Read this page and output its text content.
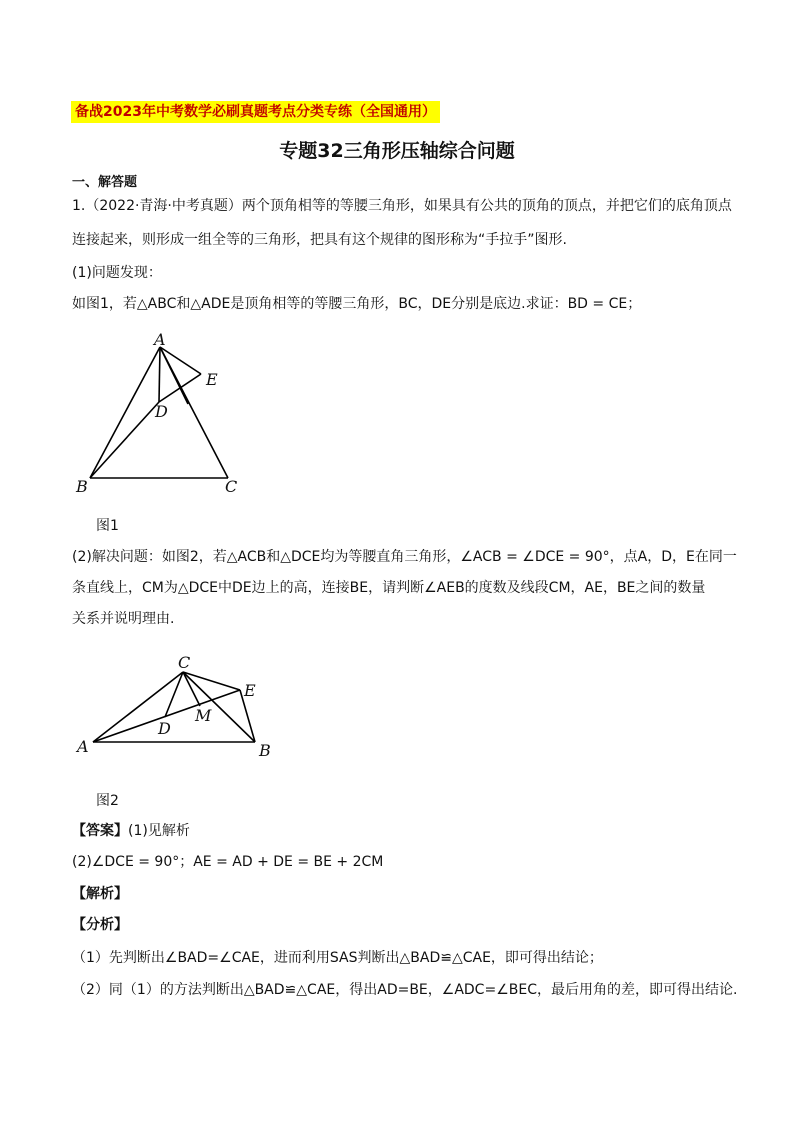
备战2023年中考数学必刷真题考点分类专练（全国通用）
专题32三角形压轴综合问题
一、解答题
1.（2022·青海·中考真题）两个顶角相等的等腰三角形，如果具有公共的顶角的顶点，并把它们的底角顶点
连接起来，则形成一组全等的三角形，把具有这个规律的图形称为“手拉手”图形.
(1)问题发现：
如图1，若△ABC和△ADE是顶角相等的等腰三角形，BC，DE分别是底边.求证：BD = CE；
A
E
D
B	C
图1
(2)解决问题：如图2，若△ACB和△DCE均为等腰直角三角形，∠ACB = ∠DCE = 90°，点A，D，E在同一
条直线上，CM为△DCE中DE边上的高，连接BE，请判断∠AEB的度数及线段CM，AE，BE之间的数量
关系并说明理由.
C
E
M
D
A	B
图2
【答案】(1)见解析
(2)∠DCE = 90°；AE = AD + DE = BE + 2CM
【解析】
【分析】
（1）先判断出∠BAD=∠CAE，进而利用SAS判断出△BAD≌△CAE，即可得出结论；
（2）同（1）的方法判断出△BAD≌△CAE，得出AD=BE，∠ADC=∠BEC，最后用角的差，即可得出结论.
